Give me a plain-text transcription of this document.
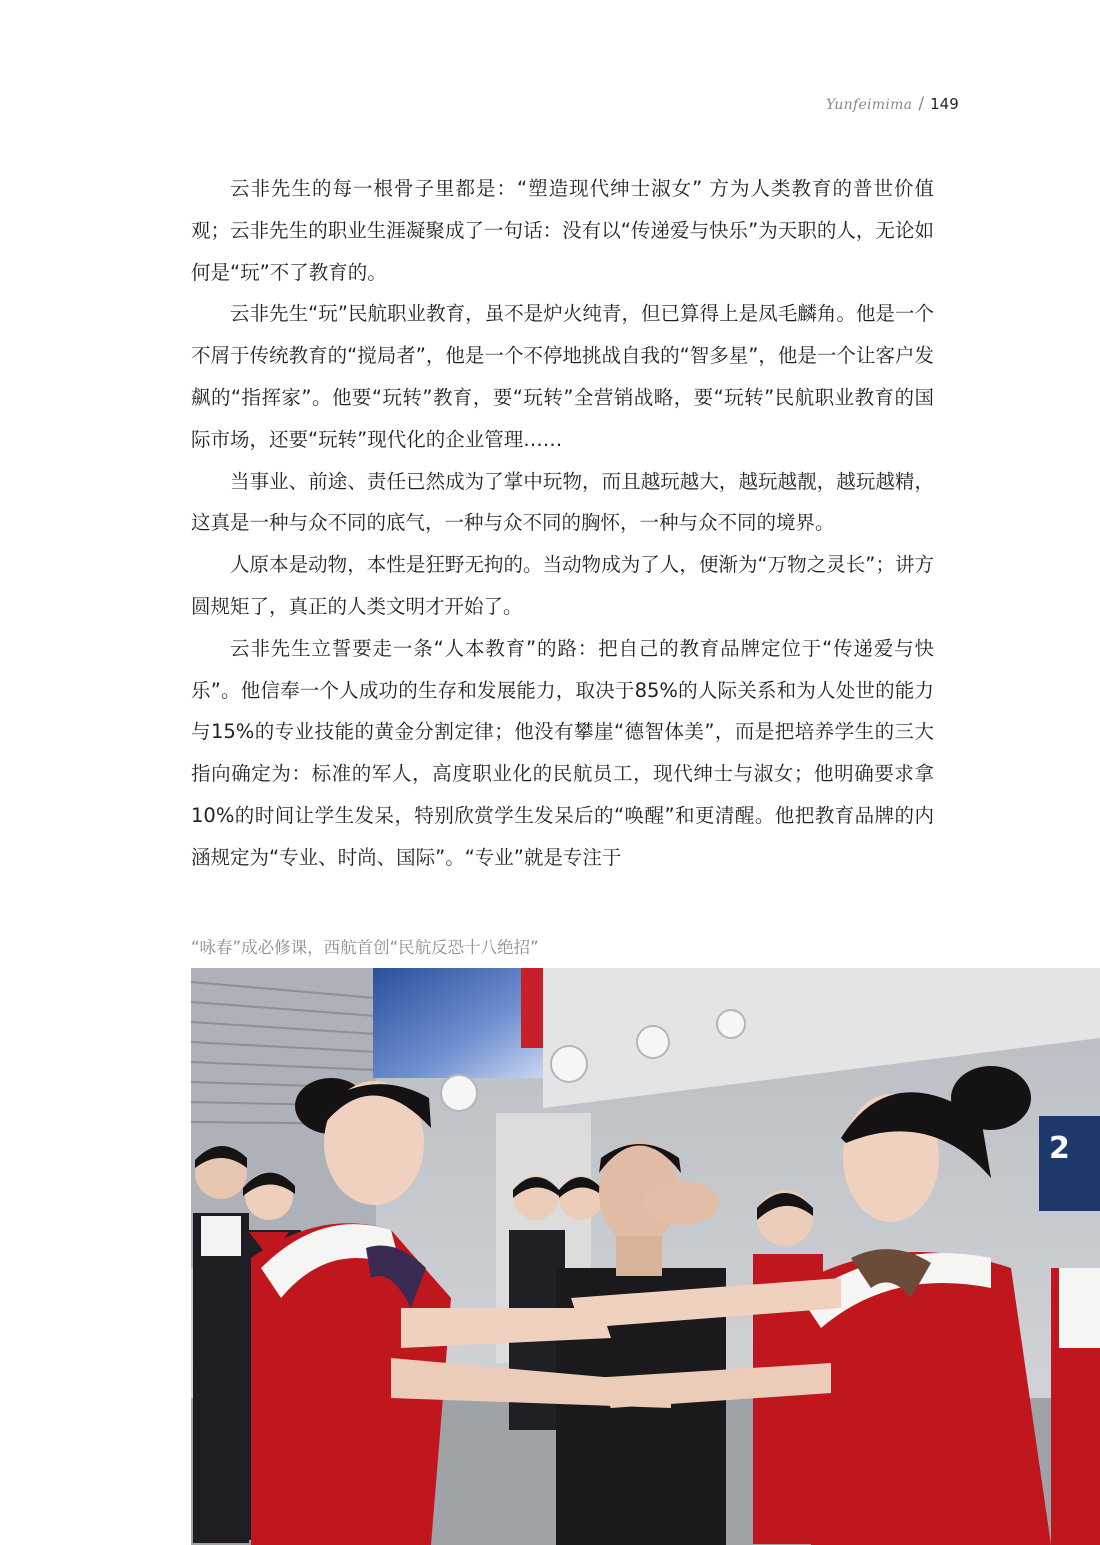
Yunfeimima / 149

云非先生的每一根骨子里都是：“塑造现代绅士淑女” 方为人类教育的普世价值观；云非先生的职业生涯凝聚成了一句话：没有以“传递爱与快乐”为天职的人，无论如何是“玩”不了教育的。

云非先生“玩”民航职业教育，虽不是炉火纯青，但已算得上是凤毛麟角。他是一个不屑于传统教育的“搅局者”，他是一个不停地挑战自我的“智多星”，他是一个让客户发飙的“指挥家”。他要“玩转”教育，要“玩转”全营销战略，要“玩转”民航职业教育的国际市场，还要“玩转”现代化的企业管理……

当事业、前途、责任已然成为了掌中玩物，而且越玩越大，越玩越靓，越玩越精，这真是一种与众不同的底气，一种与众不同的胸怀，一种与众不同的境界。

人原本是动物，本性是狂野无拘的。当动物成为了人，便渐为“万物之灵长”；讲方圆规矩了，真正的人类文明才开始了。

云非先生立誓要走一条“人本教育”的路：把自己的教育品牌定位于“传递爱与快乐”。他信奉一个人成功的生存和发展能力，取决于85%的人际关系和为人处世的能力与15%的专业技能的黄金分割定律；他没有攀崖“德智体美”，而是把培养学生的三大指向确定为：标准的军人，高度职业化的民航员工，现代绅士与淑女；他明确要求拿10%的时间让学生发呆，特别欣赏学生发呆后的“唤醒”和更清醒。他把教育品牌的内涵规定为“专业、时尚、国际”。“专业”就是专注于

“咏春”成必修课，西航首创“民航反恐十八绝招”
2
